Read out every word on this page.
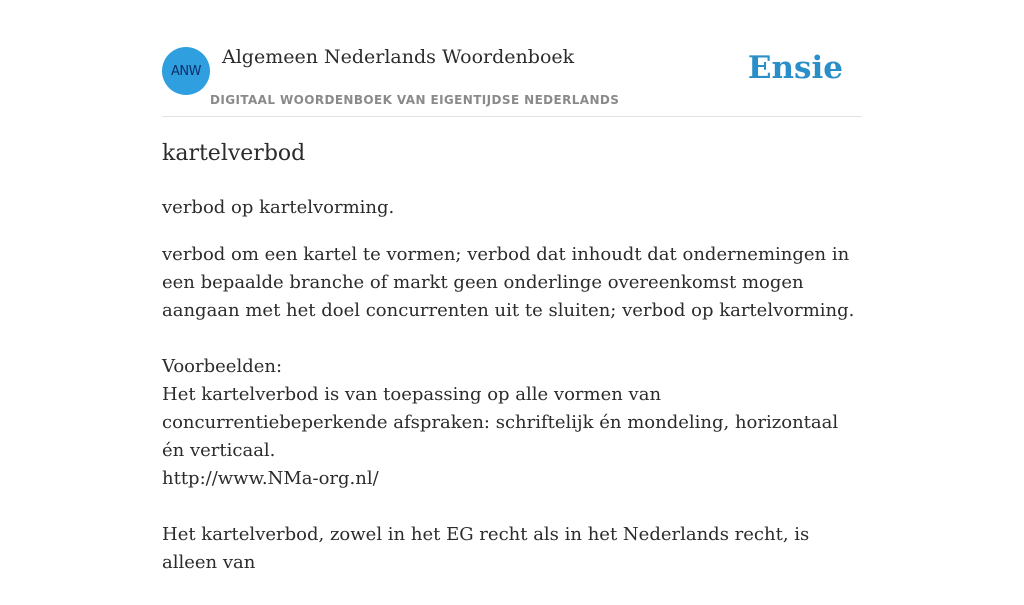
ANW
Algemeen Nederlands Woordenboek
DIGITAAL WOORDENBOEK VAN EIGENTIJDSE NEDERLANDS
Ensie
kartelverbod

verbod op kartelvorming.

verbod om een kartel te vormen; verbod dat inhoudt dat ondernemingen in een bepaalde branche of markt geen onderlinge overeenkomst mogen aangaan met het doel concurrenten uit te sluiten; verbod op kartelvorming.

Voorbeelden:
Het kartelverbod is van toepassing op alle vormen van concurrentiebeperkende afspraken: schriftelijk én mondeling, horizontaal én verticaal.
http://www.NMa-org.nl/
Het kartelverbod, zowel in het EG recht als in het Nederlands recht, is alleen van
